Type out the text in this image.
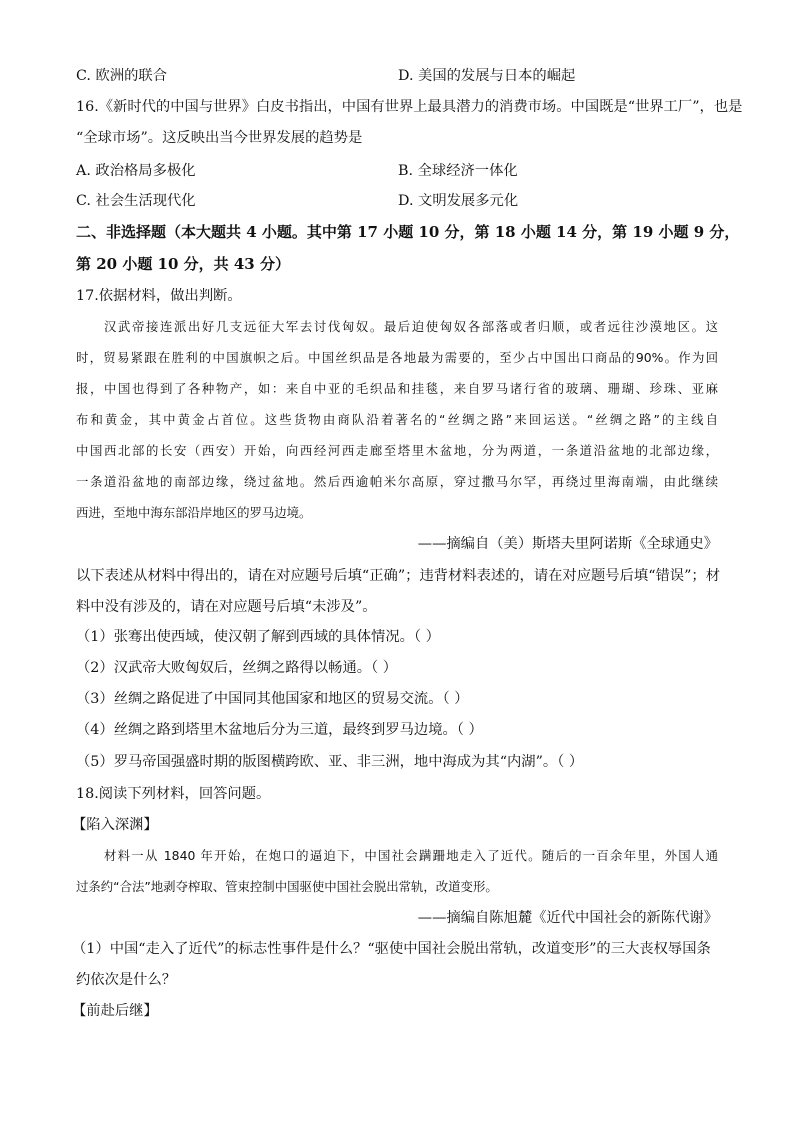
C. 欧洲的联合	D. 美国的发展与日本的崛起
16.《新时代的中国与世界》白皮书指出，中国有世界上最具潜力的消费市场。中国既是“世界工厂”，也是
“全球市场”。这反映出当今世界发展的趋势是
A. 政治格局多极化	B. 全球经济一体化
C. 社会生活现代化	D. 文明发展多元化
二、非选择题（本大题共 4 小题。其中第 17 小题 10 分，第 18 小题 14 分，第 19 小题 9 分，
第 20 小题 10 分，共 43 分）
17.依据材料，做出判断。
汉武帝接连派出好几支远征大军去讨伐匈奴。最后迫使匈奴各部落或者归顺，或者远往沙漠地区。这
时，贸易紧跟在胜利的中国旗帜之后。中国丝织品是各地最为需要的，至少占中国出口商品的90%。作为回
报，中国也得到了各种物产，如：来自中亚的毛织品和挂毯，来自罗马诸行省的玻璃、珊瑚、珍珠、亚麻
布和黄金，其中黄金占首位。这些货物由商队沿着著名的“丝绸之路”来回运送。“丝绸之路”的主线自
中国西北部的长安（西安）开始，向西经河西走廊至塔里木盆地，分为两道，一条道沿盆地的北部边缘，
一条道沿盆地的南部边缘，绕过盆地。然后西逾帕米尔高原，穿过撒马尔罕，再绕过里海南端，由此继续
西进，至地中海东部沿岸地区的罗马边境。
——摘编自（美）斯塔夫里阿诺斯《全球通史》
以下表述从材料中得出的，请在对应题号后填“正确”；违背材料表述的，请在对应题号后填“错误”；材
料中没有涉及的，请在对应题号后填“未涉及”。
（1）张骞出使西域，使汉朝了解到西域的具体情况。（ ）
（2）汉武帝大败匈奴后，丝绸之路得以畅通。（ ）
（3）丝绸之路促进了中国同其他国家和地区的贸易交流。（ ）
（4）丝绸之路到塔里木盆地后分为三道，最终到罗马边境。（ ）
（5）罗马帝国强盛时期的版图横跨欧、亚、非三洲，地中海成为其“内湖”。（ ）
18.阅读下列材料，回答问题。
【陷入深渊】
材料一从 1840 年开始，在炮口的逼迫下，中国社会蹒跚地走入了近代。随后的一百余年里，外国人通
过条约“合法”地剥夺榨取、管束控制中国驱使中国社会脱出常轨，改道变形。
——摘编自陈旭麓《近代中国社会的新陈代谢》
（1）中国“走入了近代”的标志性事件是什么？“驱使中国社会脱出常轨，改道变形”的三大丧权辱国条
约依次是什么？
【前赴后继】
